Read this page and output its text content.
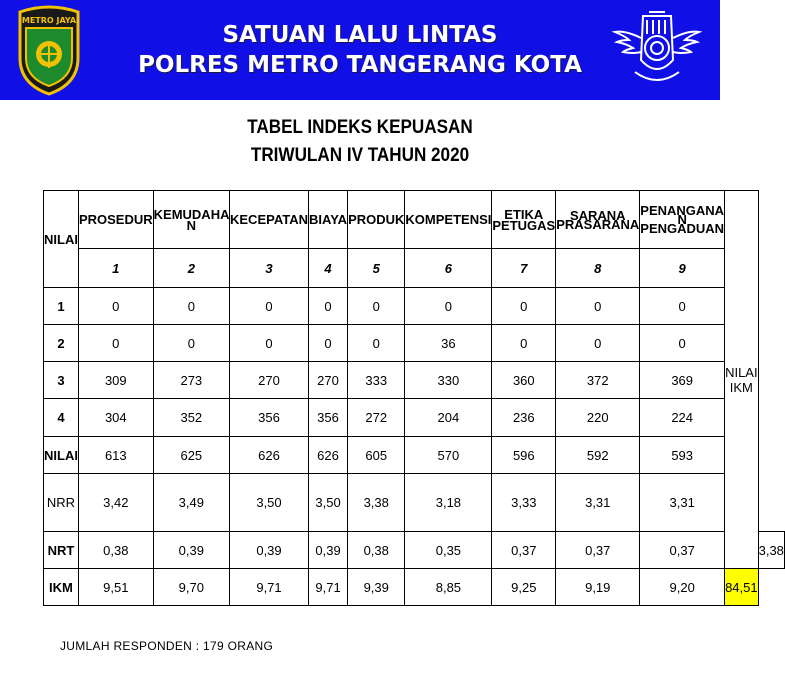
METRO JAYA
SATUAN LALU LINTAS
POLRES METRO TANGERANG KOTA
TABEL INDEKS KEPUASAN
TRIWULAN IV TAHUN 2020
NILAI	PROSEDUR	KEMUDAHA N	KECEPATAN	BIAYA	PRODUK	KOMPETENSI	ETIKA PETUGAS	SARANA PRASARANA	PENANGANA N PENGADUAN	NILAI IKM	
	1	2	3	4	5	6	7	8	9		
1	0	0	0	0	0	0	0	0	0		
2	0	0	0	0	0	36	0	0	0		
3	309	273	270	270	333	330	360	372	369		
4	304	352	356	356	272	204	236	220	224		
NILAI	613	625	626	626	605	570	596	592	593		
NRR	3,42	3,49	3,50	3,50	3,38	3,18	3,33	3,31	3,31		
NRT	0,38	0,39	0,39	0,39	0,38	0,35	0,37	0,37	0,37		3,38
IKM	9,51	9,70	9,71	9,71	9,39	8,85	9,25	9,19	9,20	84,51	
JUMLAH RESPONDEN : 179 ORANG
